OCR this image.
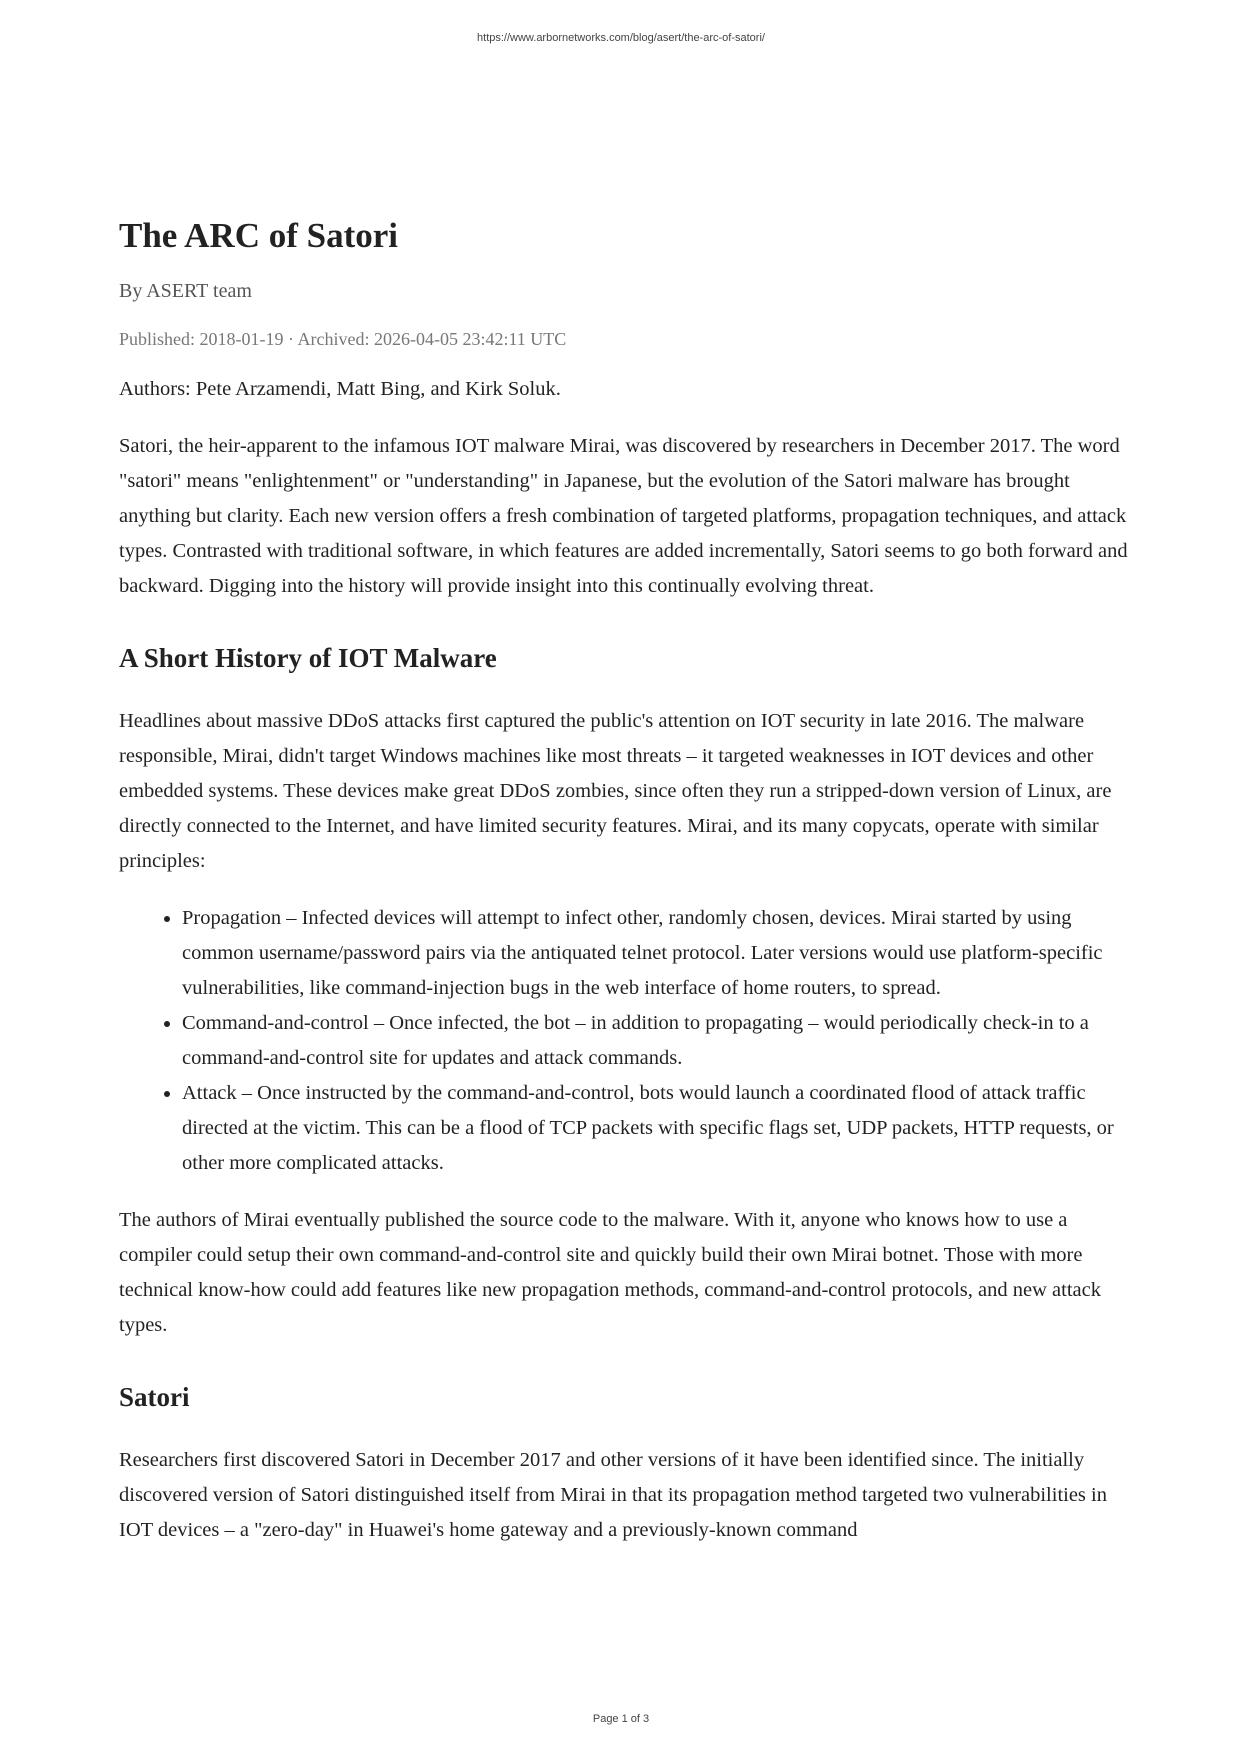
https://www.arbornetworks.com/blog/asert/the-arc-of-satori/
The ARC of Satori
By ASERT team
Published: 2018-01-19 · Archived: 2026-04-05 23:42:11 UTC

Authors: Pete Arzamendi, Matt Bing, and Kirk Soluk.

Satori, the heir-apparent to the infamous IOT malware Mirai, was discovered by researchers in December 2017. The word "satori" means "enlightenment" or "understanding" in Japanese, but the evolution of the Satori malware has brought anything but clarity. Each new version offers a fresh combination of targeted platforms, propagation techniques, and attack types. Contrasted with traditional software, in which features are added incrementally, Satori seems to go both forward and backward. Digging into the history will provide insight into this continually evolving threat.

A Short History of IOT Malware

Headlines about massive DDoS attacks first captured the public's attention on IOT security in late 2016. The malware responsible, Mirai, didn't target Windows machines like most threats – it targeted weaknesses in IOT devices and other embedded systems. These devices make great DDoS zombies, since often they run a stripped-down version of Linux, are directly connected to the Internet, and have limited security features. Mirai, and its many copycats, operate with similar principles:

• Propagation – Infected devices will attempt to infect other, randomly chosen, devices. Mirai started by using common username/password pairs via the antiquated telnet protocol. Later versions would use platform-specific vulnerabilities, like command-injection bugs in the web interface of home routers, to spread.
• Command-and-control – Once infected, the bot – in addition to propagating – would periodically check-in to a command-and-control site for updates and attack commands.
• Attack – Once instructed by the command-and-control, bots would launch a coordinated flood of attack traffic directed at the victim. This can be a flood of TCP packets with specific flags set, UDP packets, HTTP requests, or other more complicated attacks.

The authors of Mirai eventually published the source code to the malware. With it, anyone who knows how to use a compiler could setup their own command-and-control site and quickly build their own Mirai botnet. Those with more technical know-how could add features like new propagation methods, command-and-control protocols, and new attack types.

Satori

Researchers first discovered Satori in December 2017 and other versions of it have been identified since. The initially discovered version of Satori distinguished itself from Mirai in that its propagation method targeted two vulnerabilities in IOT devices – a "zero-day" in Huawei's home gateway and a previously-known command

Page 1 of 3
